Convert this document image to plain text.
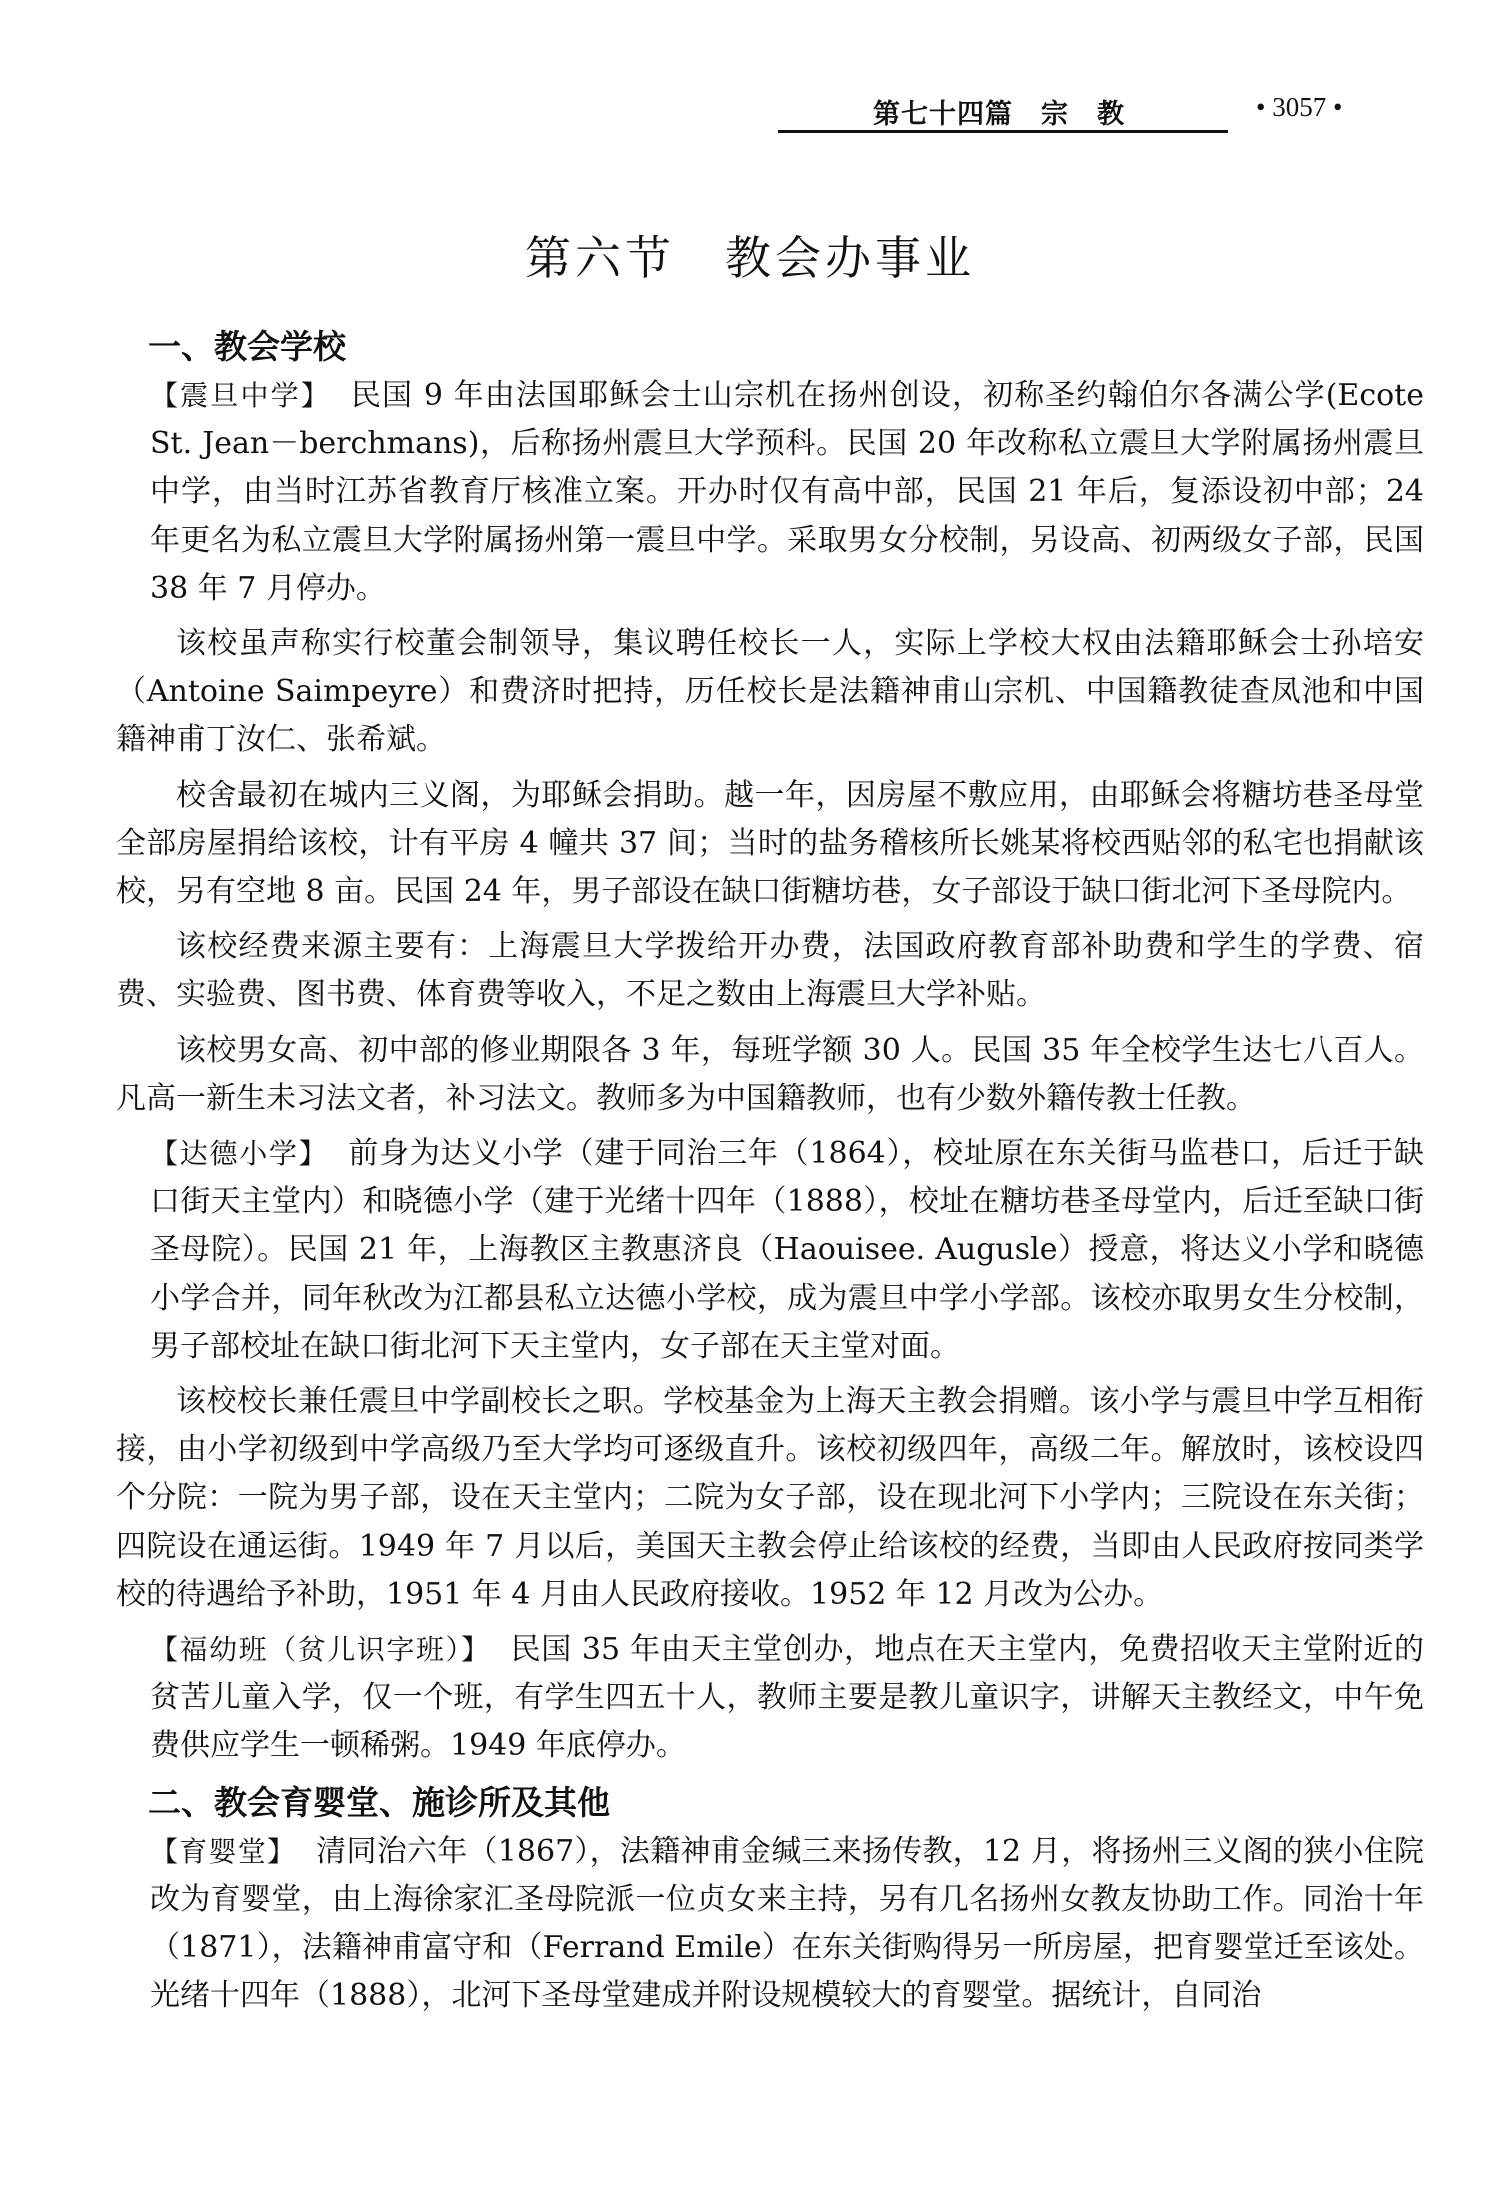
第七十四篇　宗　教	• 3057 •
第六节　教会办事业
一、教会学校

【震旦中学】 民国 9 年由法国耶稣会士山宗机在扬州创设，初称圣约翰伯尔各满公学(Ecote St. Jean－berchmans)，后称扬州震旦大学预科。民国 20 年改称私立震旦大学附属扬州震旦中学，由当时江苏省教育厅核准立案。开办时仅有高中部，民国 21 年后，复添设初中部；24 年更名为私立震旦大学附属扬州第一震旦中学。采取男女分校制，另设高、初两级女子部，民国 38 年 7 月停办。

该校虽声称实行校董会制领导，集议聘任校长一人，实际上学校大权由法籍耶稣会士孙培安（Antoine Saimpeyre）和费济时把持，历任校长是法籍神甫山宗机、中国籍教徒查凤池和中国籍神甫丁汝仁、张希斌。

校舍最初在城内三义阁，为耶稣会捐助。越一年，因房屋不敷应用，由耶稣会将糖坊巷圣母堂全部房屋捐给该校，计有平房 4 幢共 37 间；当时的盐务稽核所长姚某将校西贴邻的私宅也捐献该校，另有空地 8 亩。民国 24 年，男子部设在缺口街糖坊巷，女子部设于缺口街北河下圣母院内。

该校经费来源主要有：上海震旦大学拨给开办费，法国政府教育部补助费和学生的学费、宿费、实验费、图书费、体育费等收入，不足之数由上海震旦大学补贴。

该校男女高、初中部的修业期限各 3 年，每班学额 30 人。民国 35 年全校学生达七八百人。凡高一新生未习法文者，补习法文。教师多为中国籍教师，也有少数外籍传教士任教。

【达德小学】 前身为达义小学（建于同治三年（1864），校址原在东关街马监巷口，后迁于缺口街天主堂内）和晓德小学（建于光绪十四年（1888），校址在糖坊巷圣母堂内，后迁至缺口街圣母院）。民国 21 年，上海教区主教惠济良（Haouisee. Augusle）授意，将达义小学和晓德小学合并，同年秋改为江都县私立达德小学校，成为震旦中学小学部。该校亦取男女生分校制，男子部校址在缺口街北河下天主堂内，女子部在天主堂对面。

该校校长兼任震旦中学副校长之职。学校基金为上海天主教会捐赠。该小学与震旦中学互相衔接，由小学初级到中学高级乃至大学均可逐级直升。该校初级四年，高级二年。解放时，该校设四个分院：一院为男子部，设在天主堂内；二院为女子部，设在现北河下小学内；三院设在东关街；四院设在通运街。1949 年 7 月以后，美国天主教会停止给该校的经费，当即由人民政府按同类学校的待遇给予补助，1951 年 4 月由人民政府接收。1952 年 12 月改为公办。

【福幼班（贫儿识字班）】 民国 35 年由天主堂创办，地点在天主堂内，免费招收天主堂附近的贫苦儿童入学，仅一个班，有学生四五十人，教师主要是教儿童识字，讲解天主教经文，中午免费供应学生一顿稀粥。1949 年底停办。

二、教会育婴堂、施诊所及其他

【育婴堂】 清同治六年（1867），法籍神甫金缄三来扬传教，12 月，将扬州三义阁的狭小住院改为育婴堂，由上海徐家汇圣母院派一位贞女来主持，另有几名扬州女教友协助工作。同治十年（1871），法籍神甫富守和（Ferrand Emile）在东关街购得另一所房屋，把育婴堂迁至该处。光绪十四年（1888），北河下圣母堂建成并附设规模较大的育婴堂。据统计，自同治
